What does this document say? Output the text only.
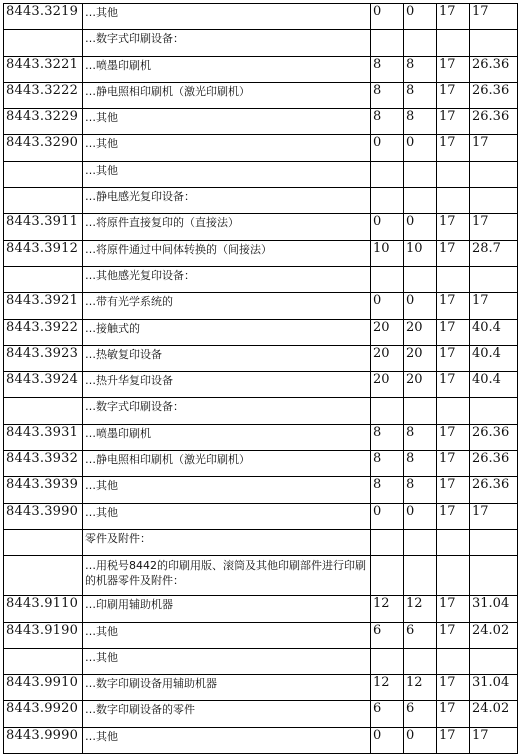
8443.3219	…其他	0	0	17	17
	…数字式印刷设备：				
8443.3221	…喷墨印刷机	8	8	17	26.36
8443.3222	…静电照相印刷机（激光印刷机）	8	8	17	26.36
8443.3229	…其他	8	8	17	26.36
8443.3290	…其他	0	0	17	17
	…其他				
	…静电感光复印设备：				
8443.3911	…将原件直接复印的（直接法）	0	0	17	17
8443.3912	…将原件通过中间体转换的（间接法）	10	10	17	28.7
	…其他感光复印设备：				
8443.3921	…带有光学系统的	0	0	17	17
8443.3922	…接触式的	20	20	17	40.4
8443.3923	…热敏复印设备	20	20	17	40.4
8443.3924	…热升华复印设备	20	20	17	40.4
	…数字式印刷设备：				
8443.3931	…喷墨印刷机	8	8	17	26.36
8443.3932	…静电照相印刷机（激光印刷机）	8	8	17	26.36
8443.3939	…其他	8	8	17	26.36
8443.3990	…其他	0	0	17	17
	零件及附件：				
	…用税号8442的印刷用版、滚筒及其他印刷部件进行印刷的机器零件及附件：				
8443.9110	…印刷用辅助机器	12	12	17	31.04
8443.9190	…其他	6	6	17	24.02
	…其他				
8443.9910	…数字印刷设备用辅助机器	12	12	17	31.04
8443.9920	…数字印刷设备的零件	6	6	17	24.02
8443.9990	…其他	0	0	17	17
